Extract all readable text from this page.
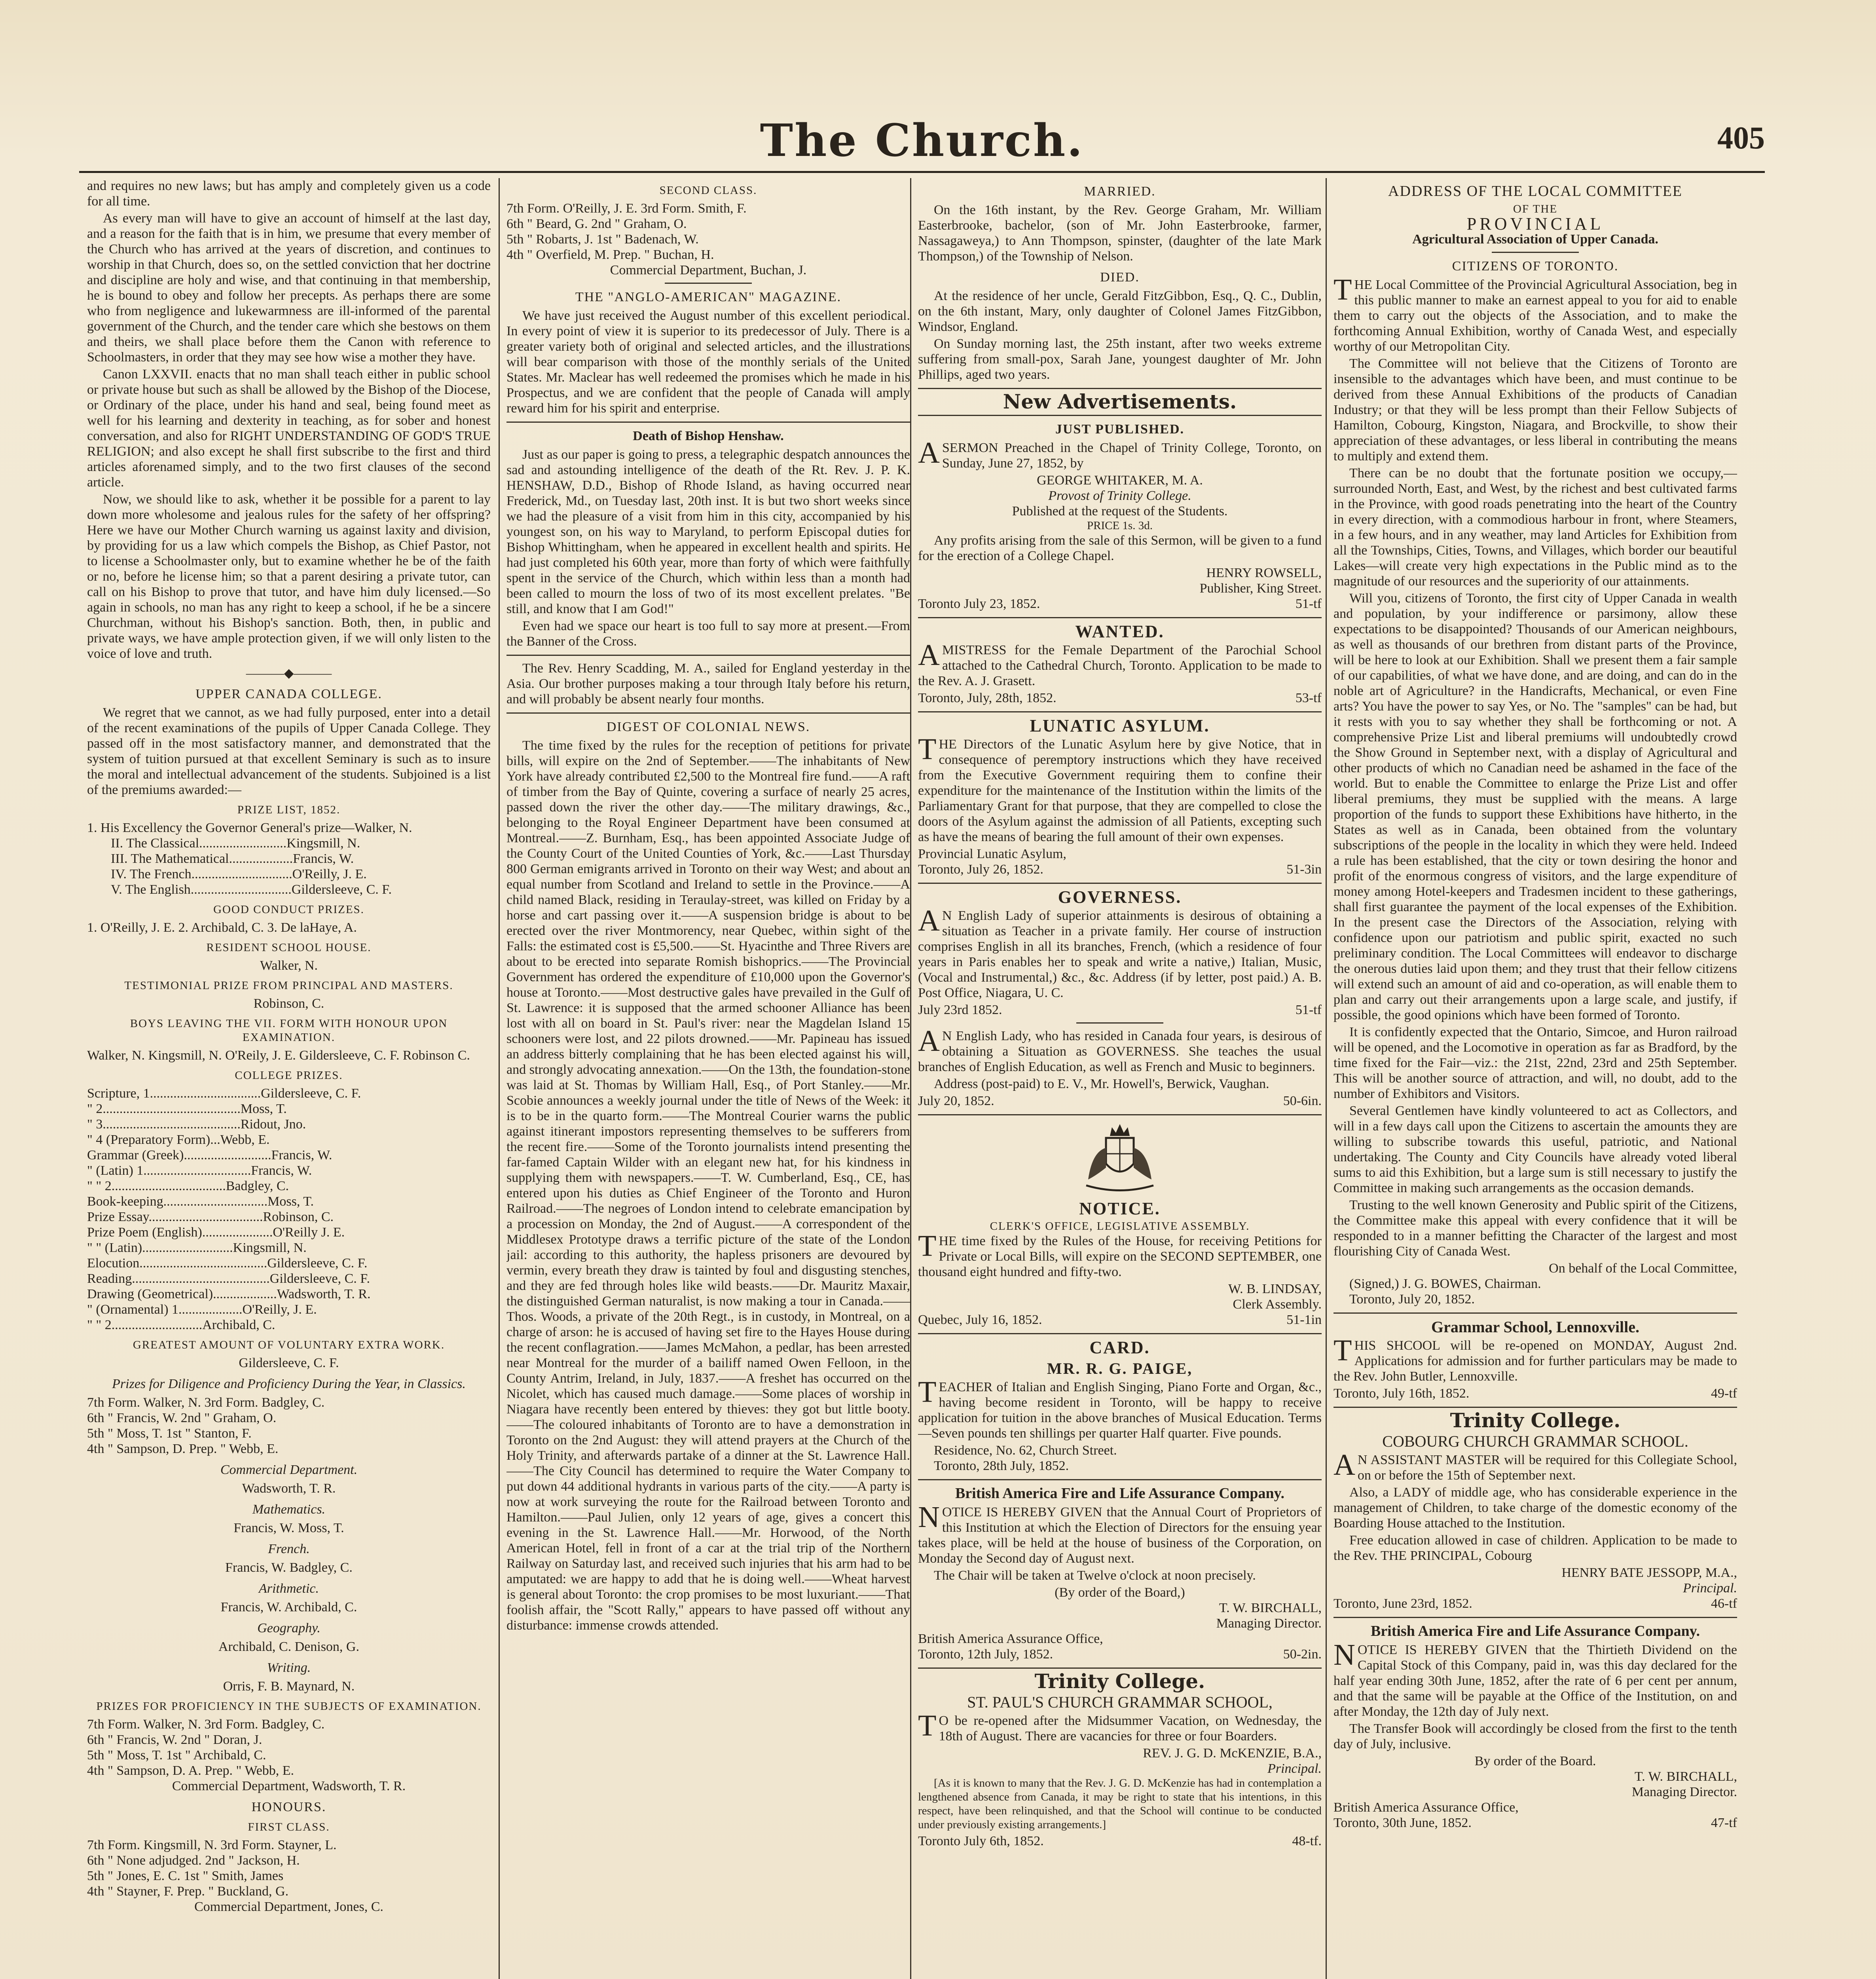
The Church.	405

and requires no new laws; but has amply and completely given us a code for all time.

As every man will have to give an account of himself at the last day, and a reason for the faith that is in him, we presume that every member of the Church who has arrived at the years of discretion, and continues to worship in that Church, does so, on the settled conviction that her doctrine and discipline are holy and wise, and that continuing in that membership, he is bound to obey and follow her precepts. As perhaps there are some who from negligence and lukewarmness are ill-informed of the parental government of the Church, and the tender care which she bestows on them and theirs, we shall place before them the Canon with reference to Schoolmasters, in order that they may see how wise a mother they have.

Canon LXXVII. enacts that no man shall teach either in public school or private house but such as shall be allowed by the Bishop of the Diocese, or Ordinary of the place, under his hand and seal, being found meet as well for his learning and dexterity in teaching, as for sober and honest conversation, and also for RIGHT UNDERSTANDING OF GOD'S TRUE RELIGION; and also except he shall first subscribe to the first and third articles aforenamed simply, and to the two first clauses of the second article.

Now, we should like to ask, whether it be possible for a parent to lay down more wholesome and jealous rules for the safety of her offspring? Here we have our Mother Church warning us against laxity and division, by providing for us a law which compels the Bishop, as Chief Pastor, not to license a Schoolmaster only, but to examine whether he be of the faith or no, before he license him; so that a parent desiring a private tutor, can call on his Bishop to prove that tutor, and have him duly licensed.—So again in schools, no man has any right to keep a school, if he be a sincere Churchman, without his Bishop's sanction. Both, then, in public and private ways, we have ample protection given, if we will only listen to the voice of love and truth.

———◆———
UPPER CANADA COLLEGE.

We regret that we cannot, as we had fully purposed, enter into a detail of the recent examinations of the pupils of Upper Canada College. They passed off in the most satisfactory manner, and demonstrated that the system of tuition pursued at that excellent Seminary is such as to insure the moral and intellectual advancement of the students. Subjoined is a list of the premiums awarded:—

PRIZE LIST, 1852.
1. His Excellency the Governor General's prize—Walker, N.
II. The Classical..........................Kingsmill, N.
III. The Mathematical...................Francis, W.
IV. The French..............................O'Reilly, J. E.
V. The English..............................Gildersleeve, C. F.
GOOD CONDUCT PRIZES.
1. O'Reilly, J. E. 2. Archibald, C. 3. De laHaye, A.
RESIDENT SCHOOL HOUSE.
Walker, N.
TESTIMONIAL PRIZE FROM PRINCIPAL AND MASTERS.
Robinson, C.
BOYS LEAVING THE VII. FORM WITH HONOUR UPON EXAMINATION.
Walker, N. Kingsmill, N. O'Reily, J. E. Gildersleeve, C. F. Robinson C.
COLLEGE PRIZES.
Scripture, 1.................................Gildersleeve, C. F.
" 2.........................................Moss, T.
" 3.........................................Ridout, Jno.
" 4 (Preparatory Form)...Webb, E.
Grammar (Greek)..........................Francis, W.
" (Latin) 1................................Francis, W.
" " 2..................................Badgley, C.
Book-keeping...............................Moss, T.
Prize Essay..................................Robinson, C.
Prize Poem (English).....................O'Reilly J. E.
" " (Latin)...........................Kingsmill, N.
Elocution......................................Gildersleeve, C. F.
Reading.........................................Gildersleeve, C. F.
Drawing (Geometrical)...................Wadsworth, T. R.
" (Ornamental) 1...................O'Reilly, J. E.
" " 2...........................Archibald, C.
GREATEST AMOUNT OF VOLUNTARY EXTRA WORK.
Gildersleeve, C. F.
Prizes for Diligence and Proficiency During the Year, in Classics.
7th Form. Walker, N. 3rd Form. Badgley, C.
6th " Francis, W. 2nd " Graham, O.
5th " Moss, T. 1st " Stanton, F.
4th " Sampson, D. Prep. " Webb, E.
Commercial Department.
Wadsworth, T. R.
Mathematics.
Francis, W. Moss, T.
French.
Francis, W. Badgley, C.
Arithmetic.
Francis, W. Archibald, C.
Geography.
Archibald, C. Denison, G.
Writing.
Orris, F. B. Maynard, N.
PRIZES FOR PROFICIENCY IN THE SUBJECTS OF EXAMINATION.
7th Form. Walker, N. 3rd Form. Badgley, C.
6th " Francis, W. 2nd " Doran, J.
5th " Moss, T. 1st " Archibald, C.
4th " Sampson, D. A. Prep. " Webb, E.
Commercial Department, Wadsworth, T. R.
HONOURS.
FIRST CLASS.
7th Form. Kingsmill, N. 3rd Form. Stayner, L.
6th " None adjudged. 2nd " Jackson, H.
5th " Jones, E. C. 1st " Smith, James
4th " Stayner, F. Prep. " Buckland, G.
Commercial Department, Jones, C.
SECOND CLASS.
7th Form. O'Reilly, J. E. 3rd Form. Smith, F.
6th " Beard, G. 2nd " Graham, O.
5th " Robarts, J. 1st " Badenach, W.
4th " Overfield, M. Prep. " Buchan, H.
Commercial Department, Buchan, J.
THE "ANGLO-AMERICAN" MAGAZINE.

We have just received the August number of this excellent periodical. In every point of view it is superior to its predecessor of July. There is a greater variety both of original and selected articles, and the illustrations will bear comparison with those of the monthly serials of the United States. Mr. Maclear has well redeemed the promises which he made in his Prospectus, and we are confident that the people of Canada will amply reward him for his spirit and enterprise.

Death of Bishop Henshaw.

Just as our paper is going to press, a telegraphic despatch announces the sad and astounding intelligence of the death of the Rt. Rev. J. P. K. HENSHAW, D.D., Bishop of Rhode Island, as having occurred near Frederick, Md., on Tuesday last, 20th inst. It is but two short weeks since we had the pleasure of a visit from him in this city, accompanied by his youngest son, on his way to Maryland, to perform Episcopal duties for Bishop Whittingham, when he appeared in excellent health and spirits. He had just completed his 60th year, more than forty of which were faithfully spent in the service of the Church, which within less than a month had been called to mourn the loss of two of its most excellent prelates. "Be still, and know that I am God!"

Even had we space our heart is too full to say more at present.—From the Banner of the Cross.

The Rev. Henry Scadding, M. A., sailed for England yesterday in the Asia. Our brother purposes making a tour through Italy before his return, and will probably be absent nearly four months.

DIGEST OF COLONIAL NEWS.

The time fixed by the rules for the reception of petitions for private bills, will expire on the 2nd of September.——The inhabitants of New York have already contributed £2,500 to the Montreal fire fund.——A raft of timber from the Bay of Quinte, covering a surface of nearly 25 acres, passed down the river the other day.——The military drawings, &c., belonging to the Royal Engineer Department have been consumed at Montreal.——Z. Burnham, Esq., has been appointed Associate Judge of the County Court of the United Counties of York, &c.——Last Thursday 800 German emigrants arrived in Toronto on their way West; and about an equal number from Scotland and Ireland to settle in the Province.——A child named Black, residing in Teraulay-street, was killed on Friday by a horse and cart passing over it.——A suspension bridge is about to be erected over the river Montmorency, near Quebec, within sight of the Falls: the estimated cost is £5,500.——St. Hyacinthe and Three Rivers are about to be erected into separate Romish bishoprics.——The Provincial Government has ordered the expenditure of £10,000 upon the Governor's house at Toronto.——Most destructive gales have prevailed in the Gulf of St. Lawrence: it is supposed that the armed schooner Alliance has been lost with all on board in St. Paul's river: near the Magdelan Island 15 schooners were lost, and 22 pilots drowned.——Mr. Papineau has issued an address bitterly complaining that he has been elected against his will, and strongly advocating annexation.——On the 13th, the foundation-stone was laid at St. Thomas by William Hall, Esq., of Port Stanley.——Mr. Scobie announces a weekly journal under the title of News of the Week: it is to be in the quarto form.——The Montreal Courier warns the public against itinerant impostors representing themselves to be sufferers from the recent fire.——Some of the Toronto journalists intend presenting the far-famed Captain Wilder with an elegant new hat, for his kindness in supplying them with newspapers.——T. W. Cumberland, Esq., CE, has entered upon his duties as Chief Engineer of the Toronto and Huron Railroad.——The negroes of London intend to celebrate emancipation by a procession on Monday, the 2nd of August.——A correspondent of the Middlesex Prototype draws a terrific picture of the state of the London jail: according to this authority, the hapless prisoners are devoured by vermin, every breath they draw is tainted by foul and disgusting stenches, and they are fed through holes like wild beasts.——Dr. Mauritz Maxair, the distinguished German naturalist, is now making a tour in Canada.——Thos. Woods, a private of the 20th Regt., is in custody, in Montreal, on a charge of arson: he is accused of having set fire to the Hayes House during the recent conflagration.——James McMahon, a pedlar, has been arrested near Montreal for the murder of a bailiff named Owen Felloon, in the County Antrim, Ireland, in July, 1837.——A freshet has occurred on the Nicolet, which has caused much damage.——Some places of worship in Niagara have recently been entered by thieves: they got but little booty.——The coloured inhabitants of Toronto are to have a demonstration in Toronto on the 2nd August: they will attend prayers at the Church of the Holy Trinity, and afterwards partake of a dinner at the St. Lawrence Hall.——The City Council has determined to require the Water Company to put down 44 additional hydrants in various parts of the city.——A party is now at work surveying the route for the Railroad between Toronto and Hamilton.——Paul Julien, only 12 years of age, gives a concert this evening in the St. Lawrence Hall.——Mr. Horwood, of the North American Hotel, fell in front of a car at the trial trip of the Northern Railway on Saturday last, and received such injuries that his arm had to be amputated: we are happy to add that he is doing well.——Wheat harvest is general about Toronto: the crop promises to be most luxuriant.——That foolish affair, the "Scott Rally," appears to have passed off without any disturbance: immense crowds attended.

MARRIED.

On the 16th instant, by the Rev. George Graham, Mr. William Easterbrooke, bachelor, (son of Mr. John Easterbrooke, farmer, Nassagaweya,) to Ann Thompson, spinster, (daughter of the late Mark Thompson,) of the Township of Nelson.

DIED.

At the residence of her uncle, Gerald FitzGibbon, Esq., Q. C., Dublin, on the 6th instant, Mary, only daughter of Colonel James FitzGibbon, Windsor, England.

On Sunday morning last, the 25th instant, after two weeks extreme suffering from small-pox, Sarah Jane, youngest daughter of Mr. John Phillips, aged two years.

New Advertisements.
JUST PUBLISHED.

ASERMON Preached in the Chapel of Trinity College, Toronto, on Sunday, June 27, 1852, by

GEORGE WHITAKER, M. A.
Provost of Trinity College.
Published at the request of the Students.
PRICE 1s. 3d.

Any profits arising from the sale of this Sermon, will be given to a fund for the erection of a College Chapel.

HENRY ROWSELL,
Publisher, King Street.
Toronto July 23, 1852.	51-tf
WANTED.

AMISTRESS for the Female Department of the Parochial School attached to the Cathedral Church, Toronto. Application to be made to the Rev. A. J. Grasett.

Toronto, July, 28th, 1852.	53-tf
LUNATIC ASYLUM.

THE Directors of the Lunatic Asylum here by give Notice, that in consequence of peremptory instructions which they have received from the Executive Government requiring them to confine their expenditure for the maintenance of the Institution within the limits of the Parliamentary Grant for that purpose, that they are compelled to close the doors of the Asylum against the admission of all Patients, excepting such as have the means of bearing the full amount of their own expenses.

Provincial Lunatic Asylum,
Toronto, July 26, 1852.	51-3in
GOVERNESS.

AN English Lady of superior attainments is desirous of obtaining a situation as Teacher in a private family. Her course of instruction comprises English in all its branches, French, (which a residence of four years in Paris enables her to speak and write a native,) Italian, Music, (Vocal and Instrumental,) &c., &c. Address (if by letter, post paid.) A. B. Post Office, Niagara, U. C.

July 23rd 1852.	51-tf

AN English Lady, who has resided in Canada four years, is desirous of obtaining a Situation as GOVERNESS. She teaches the usual branches of English Education, as well as French and Music to beginners.

Address (post-paid) to E. V., Mr. Howell's, Berwick, Vaughan.

July 20, 1852.	50-6in.
NOTICE.
CLERK'S OFFICE, LEGISLATIVE ASSEMBLY.

THE time fixed by the Rules of the House, for receiving Petitions for Private or Local Bills, will expire on the SECOND SEPTEMBER, one thousand eight hundred and fifty-two.

W. B. LINDSAY,
Clerk Assembly.
Quebec, July 16, 1852.	51-1in
CARD.
MR. R. G. PAIGE,

TEACHER of Italian and English Singing, Piano Forte and Organ, &c., having become resident in Toronto, will be happy to receive application for tuition in the above branches of Musical Education. Terms—Seven pounds ten shillings per quarter Half quarter. Five pounds.

Residence, No. 62, Church Street.
Toronto, 28th July, 1852.
British America Fire and Life Assurance Company.

NOTICE IS HEREBY GIVEN that the Annual Court of Proprietors of this Institution at which the Election of Directors for the ensuing year takes place, will be held at the house of business of the Corporation, on Monday the Second day of August next.

The Chair will be taken at Twelve o'clock at noon precisely.

(By order of the Board,)
T. W. BIRCHALL,
Managing Director.
British America Assurance Office,
Toronto, 12th July, 1852.	50-2in.
Trinity College.
ST. PAUL'S CHURCH GRAMMAR SCHOOL,

TO be re-opened after the Midsummer Vacation, on Wednesday, the 18th of August. There are vacancies for three or four Boarders.

REV. J. G. D. McKENZIE, B.A.,
Principal.

[As it is known to many that the Rev. J. G. D. McKenzie has had in contemplation a lengthened absence from Canada, it may be right to state that his intentions, in this respect, have been relinquished, and that the School will continue to be conducted under previously existing arrangements.]

Toronto July 6th, 1852.	48-tf.
ADDRESS OF THE LOCAL COMMITTEE
OF THE
PROVINCIAL
Agricultural Association of Upper Canada.
CITIZENS OF TORONTO.

THE Local Committee of the Provincial Agricultural Association, beg in this public manner to make an earnest appeal to you for aid to enable them to carry out the objects of the Association, and to make the forthcoming Annual Exhibition, worthy of Canada West, and especially worthy of our Metropolitan City.

The Committee will not believe that the Citizens of Toronto are insensible to the advantages which have been, and must continue to be derived from these Annual Exhibitions of the products of Canadian Industry; or that they will be less prompt than their Fellow Subjects of Hamilton, Cobourg, Kingston, Niagara, and Brockville, to show their appreciation of these advantages, or less liberal in contributing the means to multiply and extend them.

There can be no doubt that the fortunate position we occupy,—surrounded North, East, and West, by the richest and best cultivated farms in the Province, with good roads penetrating into the heart of the Country in every direction, with a commodious harbour in front, where Steamers, in a few hours, and in any weather, may land Articles for Exhibition from all the Townships, Cities, Towns, and Villages, which border our beautiful Lakes—will create very high expectations in the Public mind as to the magnitude of our resources and the superiority of our attainments.

Will you, citizens of Toronto, the first city of Upper Canada in wealth and population, by your indifference or parsimony, allow these expectations to be disappointed? Thousands of our American neighbours, as well as thousands of our brethren from distant parts of the Province, will be here to look at our Exhibition. Shall we present them a fair sample of our capabilities, of what we have done, and are doing, and can do in the noble art of Agriculture? in the Handicrafts, Mechanical, or even Fine arts? You have the power to say Yes, or No. The "samples" can be had, but it rests with you to say whether they shall be forthcoming or not. A comprehensive Prize List and liberal premiums will undoubtedly crowd the Show Ground in September next, with a display of Agricultural and other products of which no Canadian need be ashamed in the face of the world. But to enable the Committee to enlarge the Prize List and offer liberal premiums, they must be supplied with the means. A large proportion of the funds to support these Exhibitions have hitherto, in the States as well as in Canada, been obtained from the voluntary subscriptions of the people in the locality in which they were held. Indeed a rule has been established, that the city or town desiring the honor and profit of the enormous congress of visitors, and the large expenditure of money among Hotel-keepers and Tradesmen incident to these gatherings, shall first guarantee the payment of the local expenses of the Exhibition. In the present case the Directors of the Association, relying with confidence upon our patriotism and public spirit, exacted no such preliminary condition. The Local Committees will endeavor to discharge the onerous duties laid upon them; and they trust that their fellow citizens will extend such an amount of aid and co-operation, as will enable them to plan and carry out their arrangements upon a large scale, and justify, if possible, the good opinions which have been formed of Toronto.

It is confidently expected that the Ontario, Simcoe, and Huron railroad will be opened, and the Locomotive in operation as far as Bradford, by the time fixed for the Fair—viz.: the 21st, 22nd, 23rd and 25th September. This will be another source of attraction, and will, no doubt, add to the number of Exhibitors and Visitors.

Several Gentlemen have kindly volunteered to act as Collectors, and will in a few days call upon the Citizens to ascertain the amounts they are willing to subscribe towards this useful, patriotic, and National undertaking. The County and City Councils have already voted liberal sums to aid this Exhibition, but a large sum is still necessary to justify the Committee in making such arrangements as the occasion demands.

Trusting to the well known Generosity and Public spirit of the Citizens, the Committee make this appeal with every confidence that it will be responded to in a manner befitting the Character of the largest and most flourishing City of Canada West.

On behalf of the Local Committee,
(Signed,) J. G. BOWES, Chairman.
Toronto, July 20, 1852.
Grammar School, Lennoxville.

THIS SHCOOL will be re-opened on MONDAY, August 2nd. Applications for admission and for further particulars may be made to the Rev. John Butler, Lennoxville.

Toronto, July 16th, 1852.	49-tf
Trinity College.
COBOURG CHURCH GRAMMAR SCHOOL.

AN ASSISTANT MASTER will be required for this Collegiate School, on or before the 15th of September next.

Also, a LADY of middle age, who has considerable experience in the management of Children, to take charge of the domestic economy of the Boarding House attached to the Institution.

Free education allowed in case of children. Application to be made to the Rev. THE PRINCIPAL, Cobourg

HENRY BATE JESSOPP, M.A.,
Principal.
Toronto, June 23rd, 1852.	46-tf
British America Fire and Life Assurance Company.

NOTICE IS HEREBY GIVEN that the Thirtieth Dividend on the Capital Stock of this Company, paid in, was this day declared for the half year ending 30th June, 1852, after the rate of 6 per cent per annum, and that the same will be payable at the Office of the Institution, on and after Monday, the 12th day of July next.

The Transfer Book will accordingly be closed from the first to the tenth day of July, inclusive.

By order of the Board.
T. W. BIRCHALL,
Managing Director.
British America Assurance Office,
Toronto, 30th June, 1852.	47-tf
